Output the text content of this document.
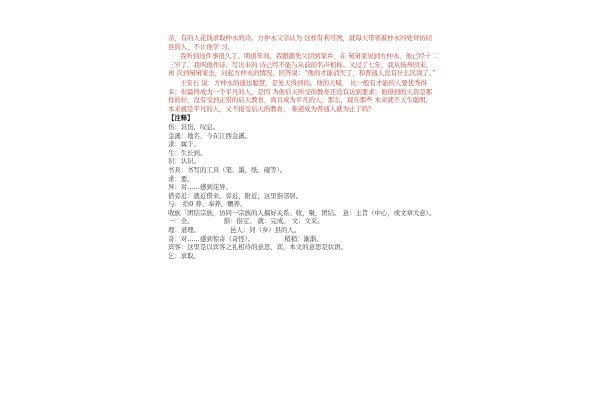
亲，有的人花钱求取仲永的诗。方仲永父亲认为 这样有利可图，就每天带领着仲永四处拜访同县的人，不让他学 习。

我听到这件事很久了。明道年间，我跟随先父回到家乡，在 舅舅家见到方仲永，他已经十二三岁了。我叫他作诗，写出来的 诗已经不能与从前的名声相称。又过了七年，我从扬州回来，再 次到舅舅家去，问起方仲永的情况，回答说：“他的才能消失了，和普通人没有什么区别了。”

王安石 说：方仲永的通达聪慧，是先天得到的。他的天赋， 比一般有才能的人要优秀得多；但最终成为一个平凡的人，是因 为他后天所受的教育还没有达到要求；他得到的天资是那样的好，没有受到正常的后天教育，尚且成为平凡的人；那么，现在那些 本来就不天生聪明，本来就是平凡的人，又不接受后天的教育， 难道成为普通人就为止了吗？

【注释】

伤：哀伤，叹息。

金溪：地名，今在江西金溪。

隶：属于。

生：生长到。

识：认识。

书具：书写的工具（笔、墨、纸、砚等）。

求：要。

异：对……感到诧异。

借旁近：就近借来。旁近，附近，这里指邻居。

与： 给0 养、奉养，赡养。

收族「团结宗族，访同一宗族的人搞好关系。收，聚，团结。 意：主旨（中心，或文章大意）。

一：全。	指：指定。 就：完成。 文：文采。

理：道理。	邑人：同（乡）县的人。

奇：对……感到惊奇（奇怪）。	稍稍：渐渐。

宾客：这里是以宾客之礼相待的意思，宾，本文的意思是状语。

乞：求取。
